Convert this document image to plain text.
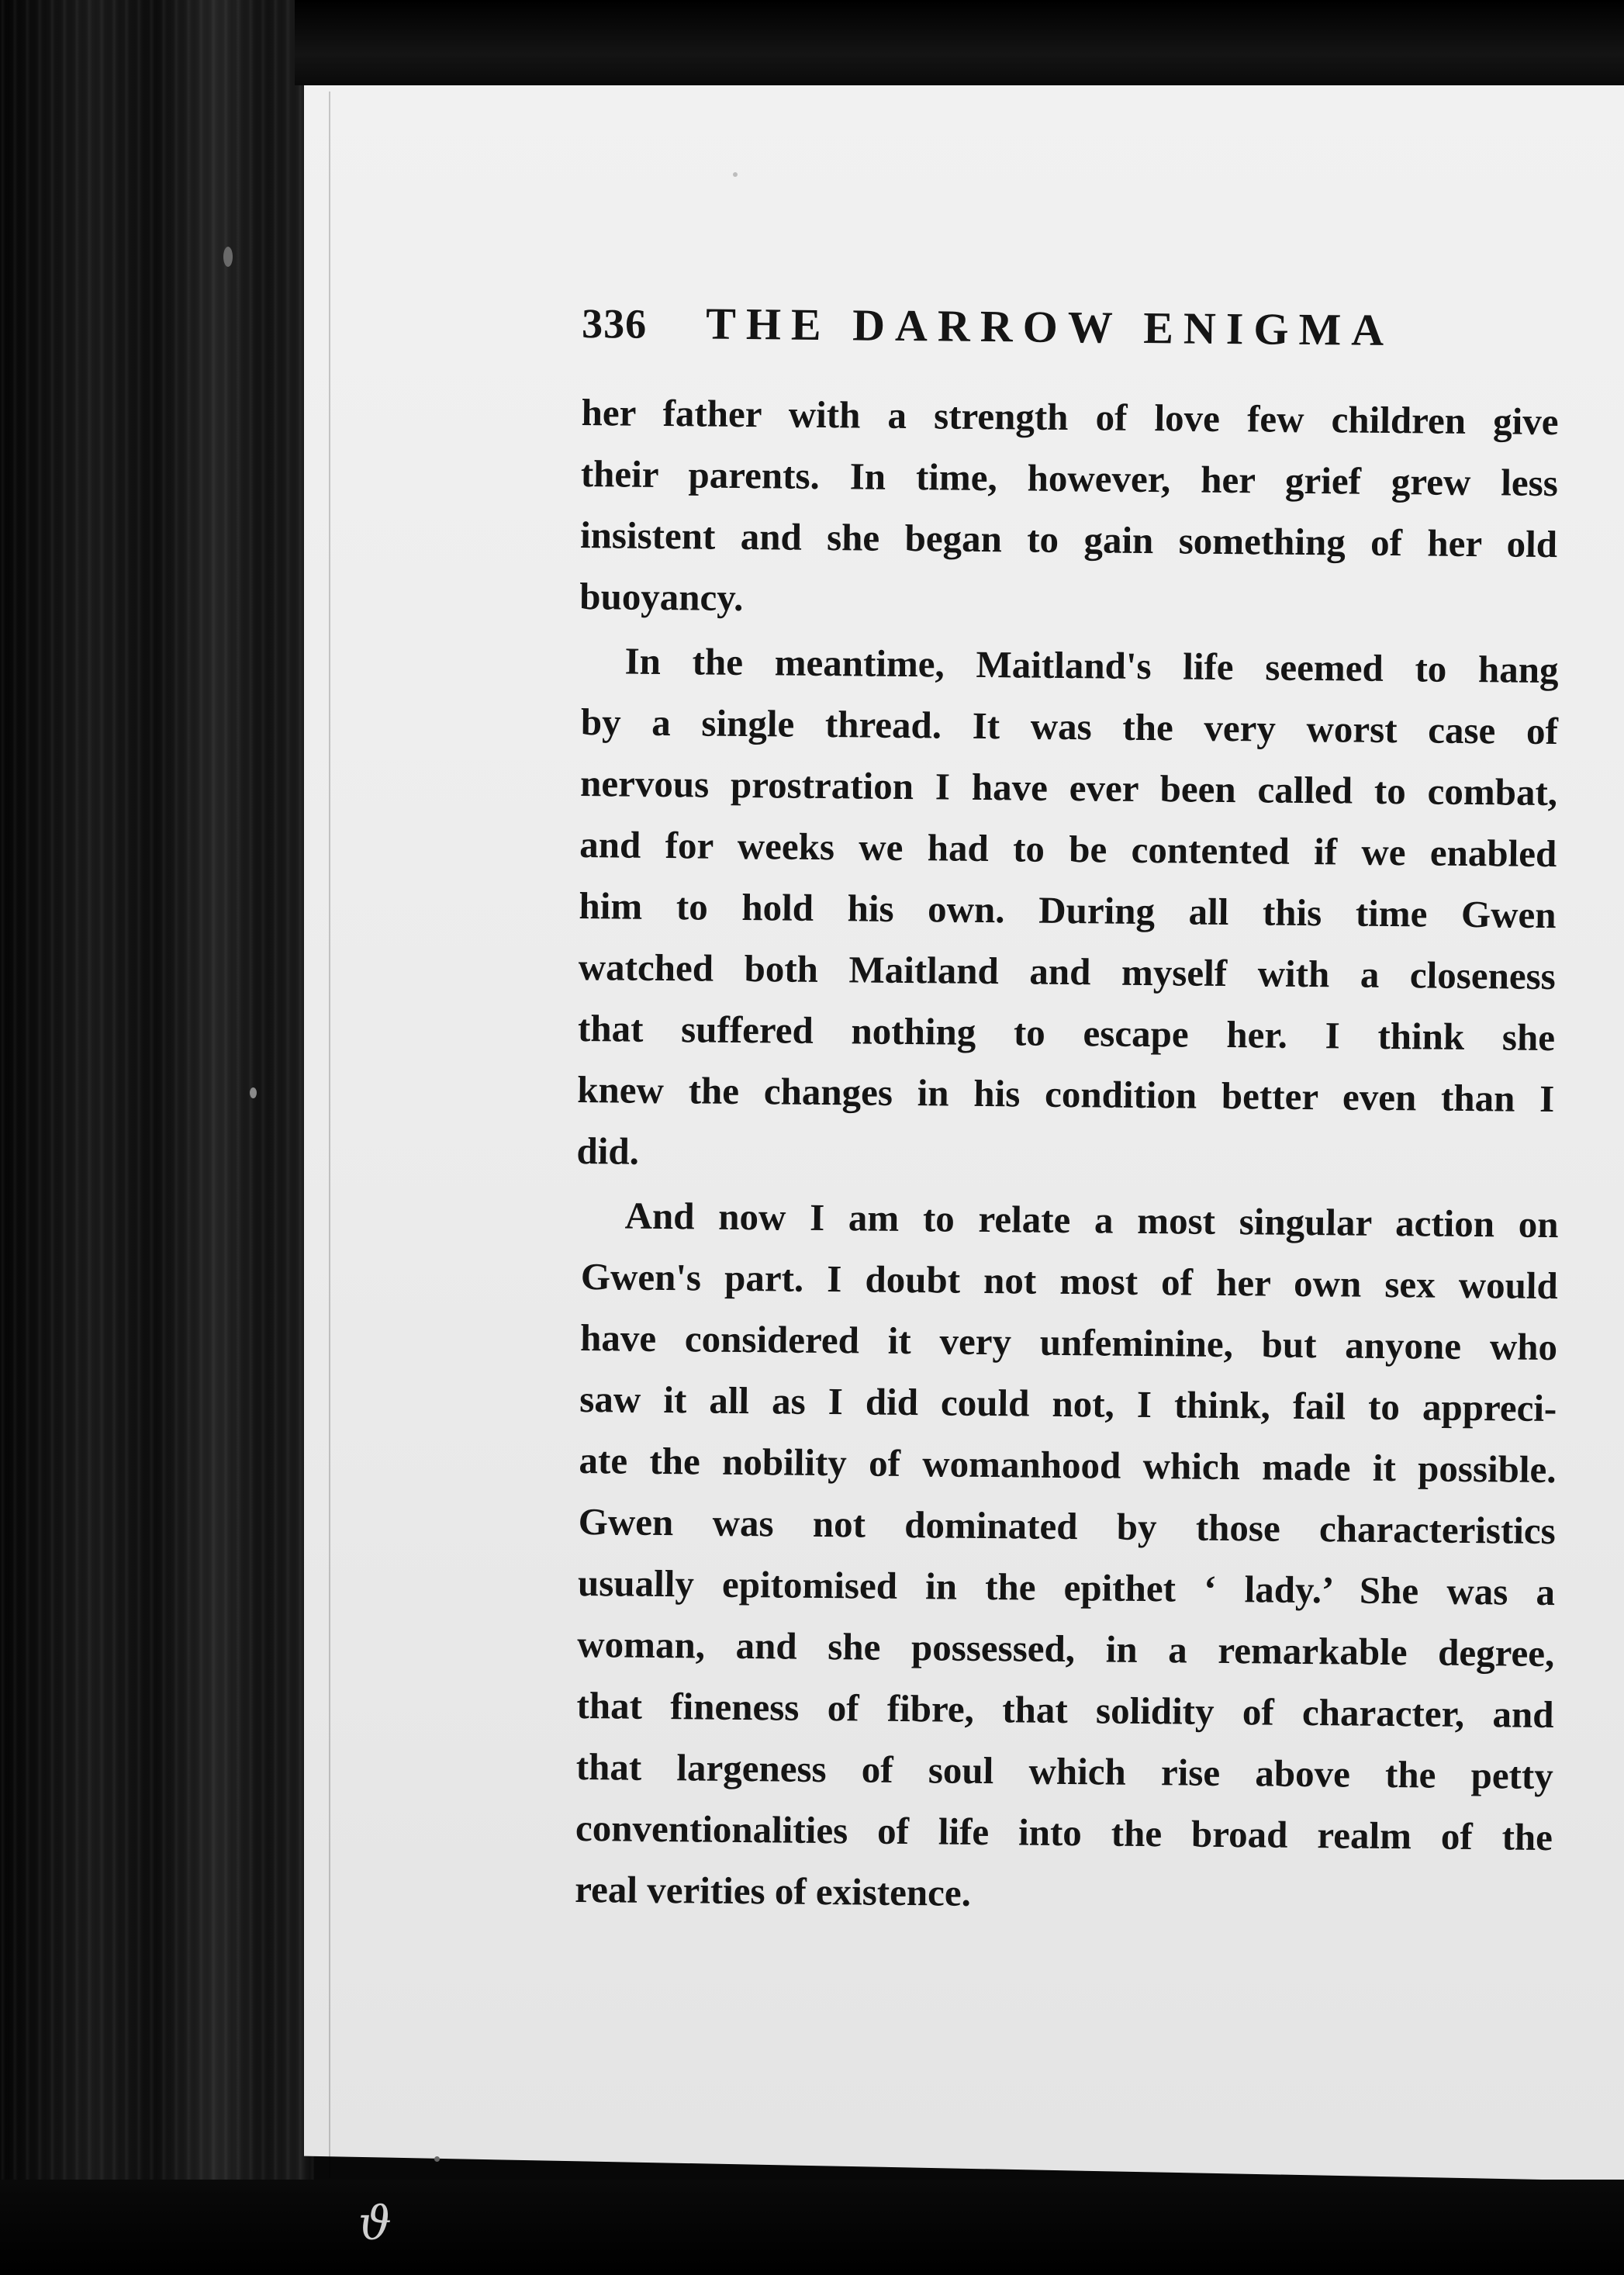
336	THE DARROW ENIGMA

her father with a strength of love few children give
their parents. In time, however, her grief grew less
insistent and she began to gain something of her old
buoyancy.

In the meantime, Maitland's life seemed to hang
by a single thread. It was the very worst case of
nervous prostration I have ever been called to combat,
and for weeks we had to be contented if we enabled
him to hold his own. During all this time Gwen
watched both Maitland and myself with a closeness
that suffered nothing to escape her. I think she
knew the changes in his condition better even than I
did.

And now I am to relate a most singular action on
Gwen's part. I doubt not most of her own sex would
have considered it very unfeminine, but anyone who
saw it all as I did could not, I think, fail to appreci-
ate the nobility of womanhood which made it possible.
Gwen was not dominated by those characteristics
usually epitomised in the epithet ‘ lady.’ She was a
woman, and she possessed, in a remarkable degree,
that fineness of fibre, that solidity of character, and
that largeness of soul which rise above the petty
conventionalities of life into the broad realm of the
real verities of existence.

ϑ
